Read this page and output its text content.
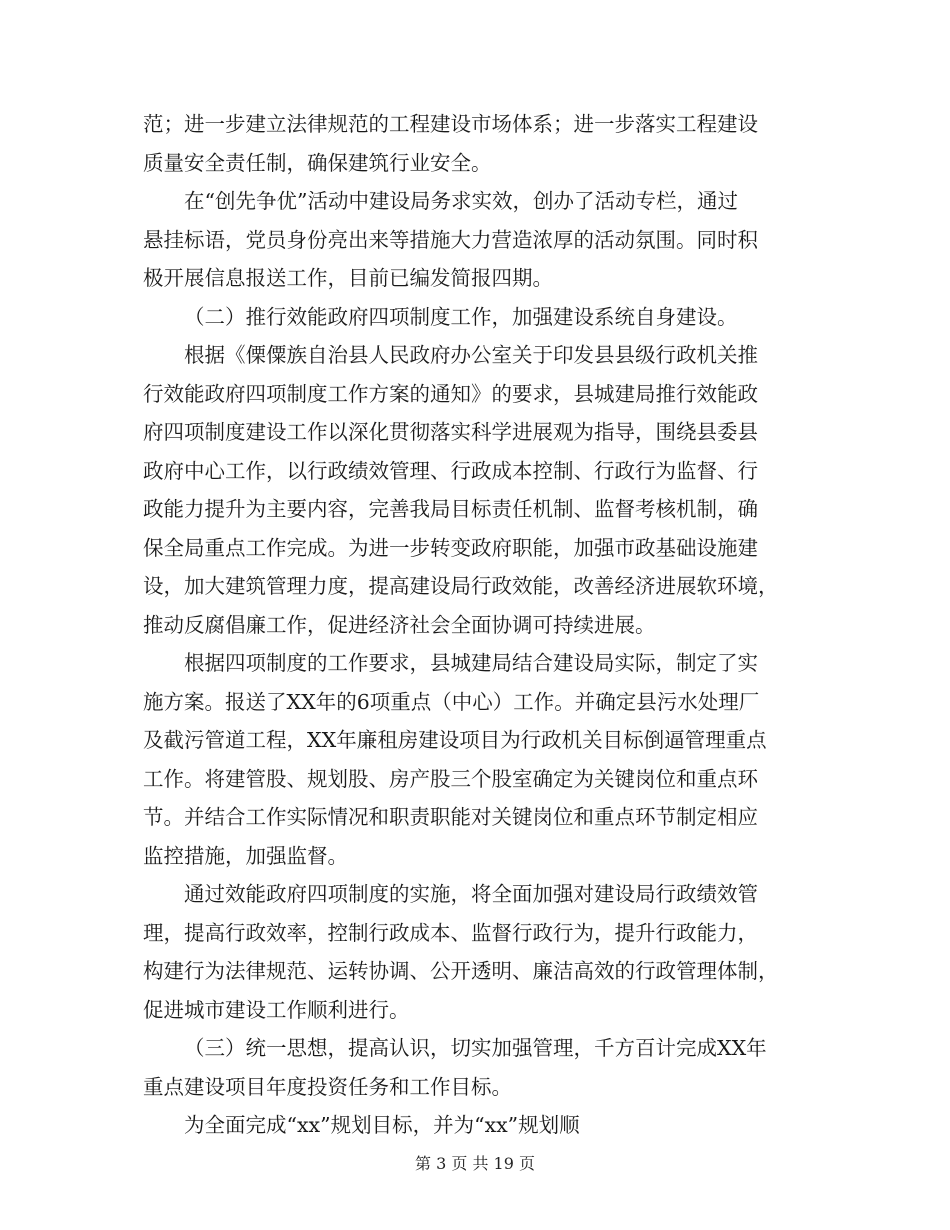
范；进一步建立法律规范的工程建设市场体系；进一步落实工程建设
质量安全责任制，确保建筑行业安全。
在“创先争优”活动中建设局务求实效，创办了活动专栏，通过
悬挂标语，党员身份亮出来等措施大力营造浓厚的活动氛围。同时积
极开展信息报送工作，目前已编发简报四期。
（二）推行效能政府四项制度工作，加强建设系统自身建设。
根据《傈僳族自治县人民政府办公室关于印发县县级行政机关推
行效能政府四项制度工作方案的通知》的要求，县城建局推行效能政
府四项制度建设工作以深化贯彻落实科学进展观为指导，围绕县委县
政府中心工作，以行政绩效管理、行政成本控制、行政行为监督、行
政能力提升为主要内容，完善我局目标责任机制、监督考核机制，确
保全局重点工作完成。为进一步转变政府职能，加强市政基础设施建
设，加大建筑管理力度，提高建设局行政效能，改善经济进展软环境，
推动反腐倡廉工作，促进经济社会全面协调可持续进展。
根据四项制度的工作要求，县城建局结合建设局实际，制定了实
施方案。报送了XX年的6项重点（中心）工作。并确定县污水处理厂
及截污管道工程，XX年廉租房建设项目为行政机关目标倒逼管理重点
工作。将建管股、规划股、房产股三个股室确定为关键岗位和重点环
节。并结合工作实际情况和职责职能对关键岗位和重点环节制定相应
监控措施，加强监督。
通过效能政府四项制度的实施，将全面加强对建设局行政绩效管
理，提高行政效率，控制行政成本、监督行政行为，提升行政能力，
构建行为法律规范、运转协调、公开透明、廉洁高效的行政管理体制，
促进城市建设工作顺利进行。
（三）统一思想，提高认识，切实加强管理，千方百计完成XX年
重点建设项目年度投资任务和工作目标。
为全面完成“xx”规划目标，并为“xx”规划顺
第 3 页 共 19 页
